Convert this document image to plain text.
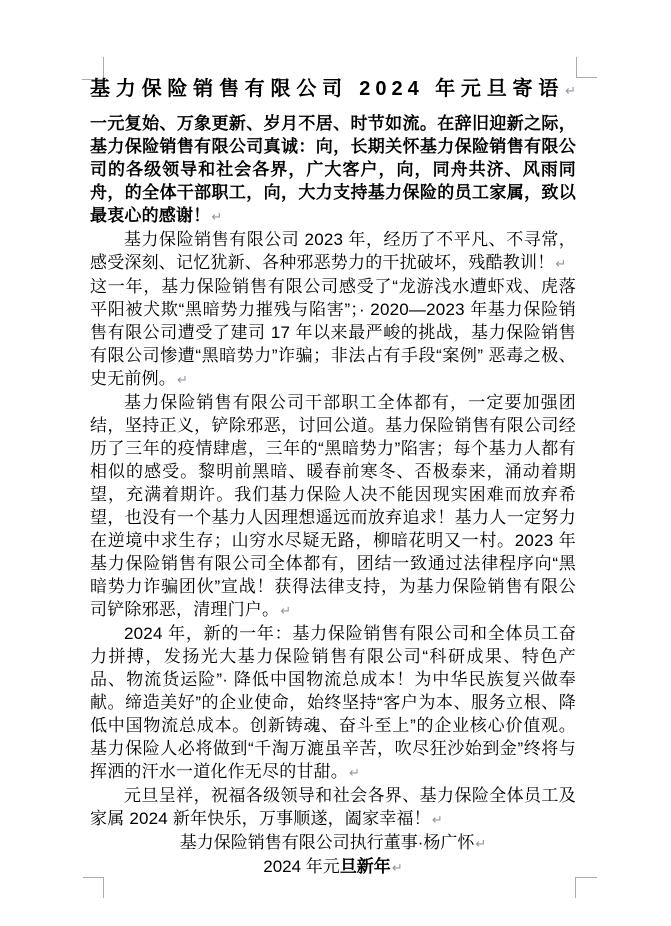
基力保险销售有限公司 2024 年元旦寄语↵

一元复始、万象更新、岁月不居、时节如流。在辞旧迎新之际，基力保险销售有限公司真诚：向，长期关怀基力保险销售有限公司的各级领导和社会各界，广大客户，向，同舟共济、风雨同舟，的全体干部职工，向，大力支持基力保险的员工家属，致以最衷心的感谢！↵

基力保险销售有限公司 2023 年，经历了不平凡、不寻常，感受深刻、记忆犹新、各种邪恶势力的干扰破坏，残酷教训！↵

这一年，基力保险销售有限公司感受了“龙游浅水遭虾戏、虎落平阳被犬欺“黑暗势力摧残与陷害”；· 2020—2023 年基力保险销售有限公司遭受了建司 17 年以来最严峻的挑战，基力保险销售有限公司惨遭“黑暗势力”诈骗；非法占有手段“案例” 恶毒之极、史无前例。↵

基力保险销售有限公司干部职工全体都有，一定要加强团结，坚持正义，铲除邪恶，讨回公道。基力保险销售有限公司经历了三年的疫情肆虐，三年的“黑暗势力”陷害；每个基力人都有相似的感受。黎明前黑暗、暖春前寒冬、否极泰来，涌动着期望，充满着期许。我们基力保险人决不能因现实困难而放弃希望，也没有一个基力人因理想遥远而放弃追求！基力人一定努力在逆境中求生存；山穷水尽疑无路，柳暗花明又一村。2023 年基力保险销售有限公司全体都有，团结一致通过法律程序向“黑暗势力诈骗团伙”宣战！获得法律支持，为基力保险销售有限公司铲除邪恶，清理门户。↵

2024 年，新的一年：基力保险销售有限公司和全体员工奋力拼搏，发扬光大基力保险销售有限公司“科研成果、特色产品、物流货运险”· 降低中国物流总成本！为中华民族复兴做奉献。缔造美好”的企业使命，始终坚持“客户为本、服务立根、降低中国物流总成本。创新铸魂、奋斗至上”的企业核心价值观。基力保险人必将做到“千淘万漉虽辛苦，吹尽狂沙始到金”终将与挥洒的汗水一道化作无尽的甘甜。↵

元旦呈祥，祝福各级领导和社会各界、基力保险全体员工及家属 2024 新年快乐，万事顺遂，阖家幸福！↵

基力保险销售有限公司执行董事·杨广怀↵

2024 年元旦新年↵
